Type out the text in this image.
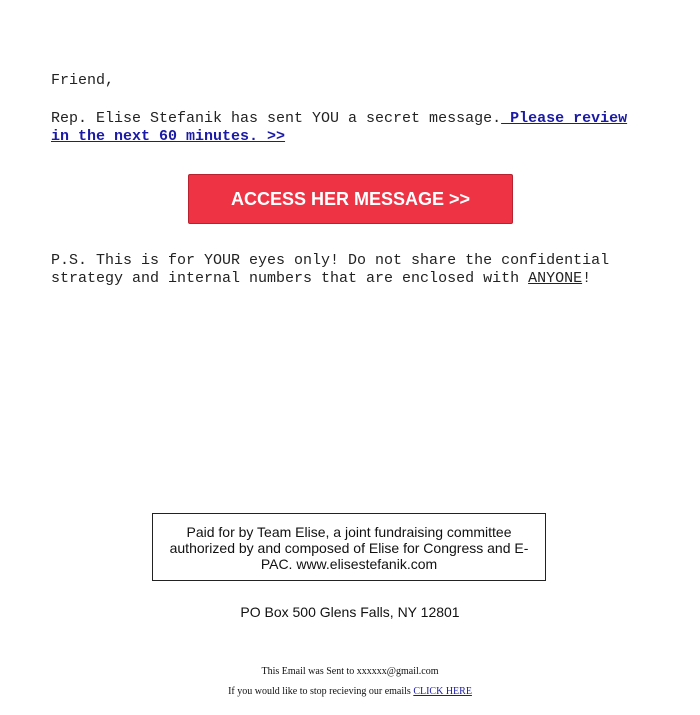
Friend,

Rep. Elise Stefanik has sent YOU a secret message. Please review in the next 60 minutes. >>

ACCESS HER MESSAGE >>

P.S. This is for YOUR eyes only! Do not share the confidential strategy and internal numbers that are enclosed with ANYONE!

Paid for by Team Elise, a joint fundraising committee authorized by and composed of Elise for Congress and E-PAC. www.elisestefanik.com
PO Box 500 Glens Falls, NY 12801
This Email was Sent to xxxxxx@gmail.com
If you would like to stop recieving our emails CLICK HERE
